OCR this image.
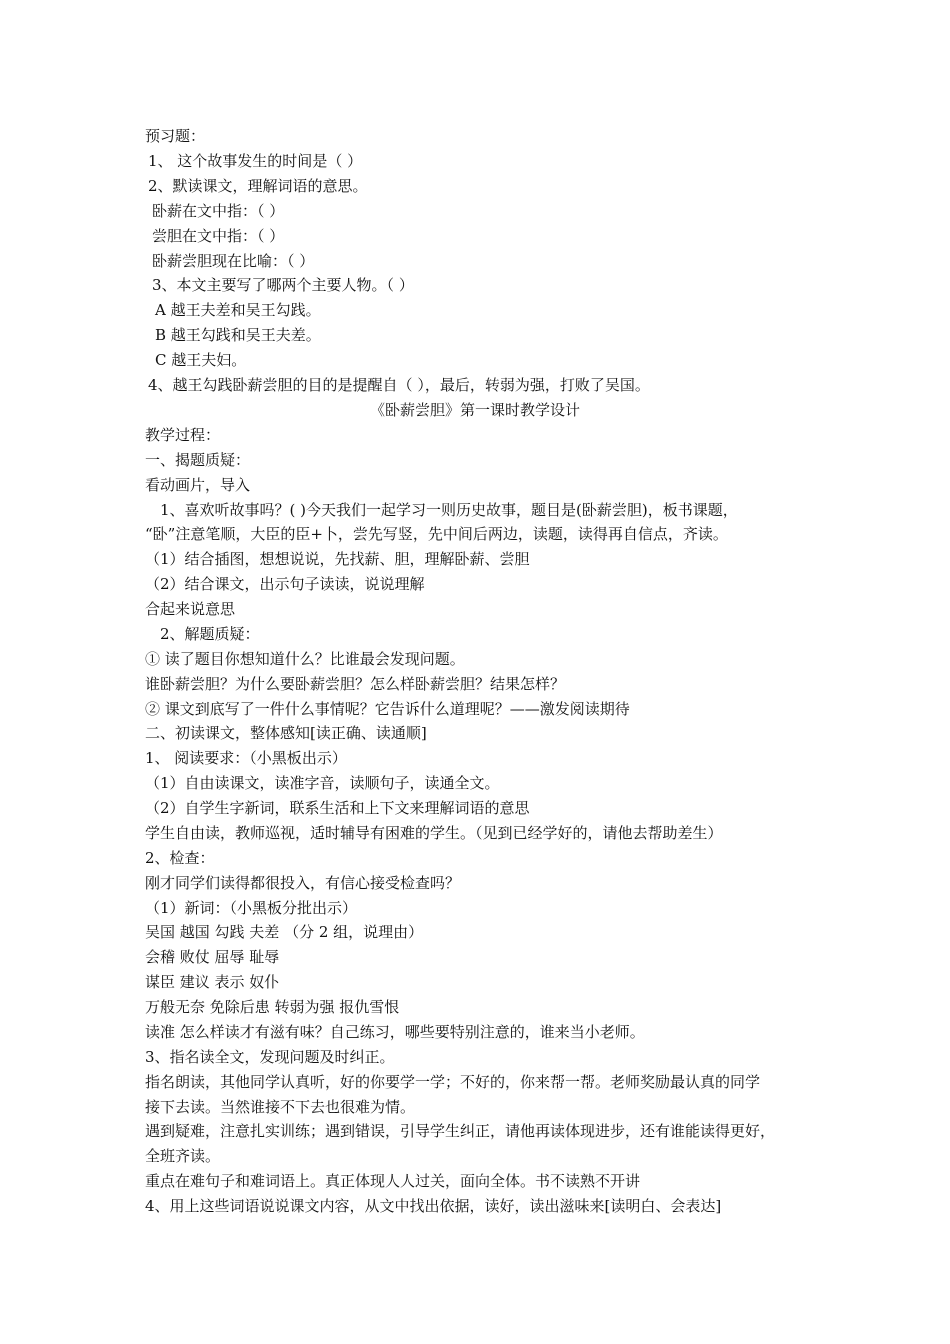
预习题：
1、 这个故事发生的时间是（ ）
2、默读课文，理解词语的意思。
卧薪在文中指：（ ）
尝胆在文中指：（ ）
卧薪尝胆现在比喻：（ ）
3、本文主要写了哪两个主要人物。（ ）
A 越王夫差和吴王勾践。
B 越王勾践和吴王夫差。
C 越王夫妇。
4、越王勾践卧薪尝胆的目的是提醒自（ ），最后，转弱为强，打败了吴国。
《卧薪尝胆》第一课时教学设计
教学过程：
一、揭题质疑：
看动画片，导入
1、喜欢听故事吗？( )今天我们一起学习一则历史故事，题目是(卧薪尝胆)，板书课题，
“卧”注意笔顺，大臣的臣+卜，尝先写竖，先中间后两边，读题，读得再自信点，齐读。
（1）结合插图，想想说说，先找薪、胆，理解卧薪、尝胆
（2）结合课文，出示句子读读，说说理解
合起来说意思
2、解题质疑：
① 读了题目你想知道什么？比谁最会发现问题。
谁卧薪尝胆？为什么要卧薪尝胆？怎么样卧薪尝胆？结果怎样？
② 课文到底写了一件什么事情呢？它告诉什么道理呢？——激发阅读期待
二、初读课文，整体感知[读正确、读通顺]
1、 阅读要求：（小黑板出示）
（1）自由读课文，读准字音，读顺句子，读通全文。
（2）自学生字新词，联系生活和上下文来理解词语的意思
学生自由读，教师巡视，适时辅导有困难的学生。（见到已经学好的，请他去帮助差生）
2、检查：
刚才同学们读得都很投入，有信心接受检查吗？
（1）新词：（小黑板分批出示）
吴国 越国 勾践 夫差 （分 2 组，说理由）
会稽 败仗 屈辱 耻辱
谋臣 建议 表示 奴仆
万般无奈 免除后患 转弱为强 报仇雪恨
读准 怎么样读才有滋有味？自己练习，哪些要特别注意的，谁来当小老师。
3、指名读全文，发现问题及时纠正。
指名朗读，其他同学认真听，好的你要学一学；不好的，你来帮一帮。老师奖励最认真的同学
接下去读。当然谁接不下去也很难为情。
遇到疑难，注意扎实训练；遇到错误，引导学生纠正，请他再读体现进步，还有谁能读得更好，
全班齐读。
重点在难句子和难词语上。真正体现人人过关，面向全体。书不读熟不开讲
4、用上这些词语说说课文内容，从文中找出依据，读好，读出滋味来[读明白、会表达]
